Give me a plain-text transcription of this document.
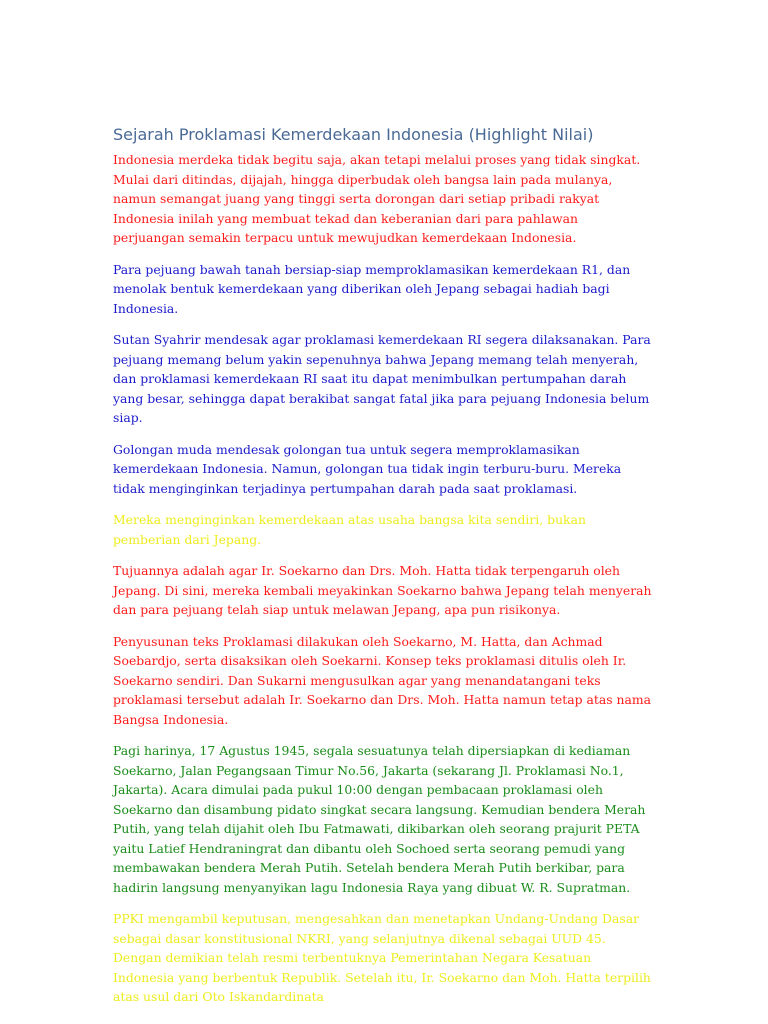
Sejarah Proklamasi Kemerdekaan Indonesia (Highlight Nilai)

Indonesia merdeka tidak begitu saja, akan tetapi melalui proses yang tidak singkat. Mulai dari ditindas, dijajah, hingga diperbudak oleh bangsa lain pada mulanya, namun semangat juang yang tinggi serta dorongan dari setiap pribadi rakyat Indonesia inilah yang membuat tekad dan keberanian dari para pahlawan perjuangan semakin terpacu untuk mewujudkan kemerdekaan Indonesia.

Para pejuang bawah tanah bersiap-siap memproklamasikan kemerdekaan R1, dan menolak bentuk kemerdekaan yang diberikan oleh Jepang sebagai hadiah bagi Indonesia.

Sutan Syahrir mendesak agar proklamasi kemerdekaan RI segera dilaksanakan. Para pejuang memang belum yakin sepenuhnya bahwa Jepang memang telah menyerah, dan proklamasi kemerdekaan RI saat itu dapat menimbulkan pertumpahan darah yang besar, sehingga dapat berakibat sangat fatal jika para pejuang Indonesia belum siap.

Golongan muda mendesak golongan tua untuk segera memproklamasikan kemerdekaan Indonesia. Namun, golongan tua tidak ingin terburu-buru. Mereka tidak menginginkan terjadinya pertumpahan darah pada saat proklamasi.

Mereka menginginkan kemerdekaan atas usaha bangsa kita sendiri, bukan pemberian dari Jepang.

Tujuannya adalah agar Ir. Soekarno dan Drs. Moh. Hatta tidak terpengaruh oleh Jepang. Di sini, mereka kembali meyakinkan Soekarno bahwa Jepang telah menyerah dan para pejuang telah siap untuk melawan Jepang, apa pun risikonya.

Penyusunan teks Proklamasi dilakukan oleh Soekarno, M. Hatta, dan Achmad Soebardjo, serta disaksikan oleh Soekarni. Konsep teks proklamasi ditulis oleh Ir. Soekarno sendiri. Dan Sukarni mengusulkan agar yang menandatangani teks proklamasi tersebut adalah Ir. Soekarno dan Drs. Moh. Hatta namun tetap atas nama Bangsa Indonesia.

Pagi harinya, 17 Agustus 1945, segala sesuatunya telah dipersiapkan di kediaman Soekarno, Jalan Pegangsaan Timur No.56, Jakarta (sekarang Jl. Proklamasi No.1, Jakarta). Acara dimulai pada pukul 10:00 dengan pembacaan proklamasi oleh Soekarno dan disambung pidato singkat secara langsung. Kemudian bendera Merah Putih, yang telah dijahit oleh Ibu Fatmawati, dikibarkan oleh seorang prajurit PETA yaitu Latief Hendraningrat dan dibantu oleh Sochoed serta seorang pemudi yang membawakan bendera Merah Putih. Setelah bendera Merah Putih berkibar, para hadirin langsung menyanyikan lagu Indonesia Raya yang dibuat W. R. Supratman.

PPKI mengambil keputusan, mengesahkan dan menetapkan Undang-Undang Dasar sebagai dasar konstitusional NKRI, yang selanjutnya dikenal sebagai UUD 45. Dengan demikian telah resmi terbentuknya Pemerintahan Negara Kesatuan Indonesia yang berbentuk Republik. Setelah itu, Ir. Soekarno dan Moh. Hatta terpilih atas usul dari Oto Iskandardinata
